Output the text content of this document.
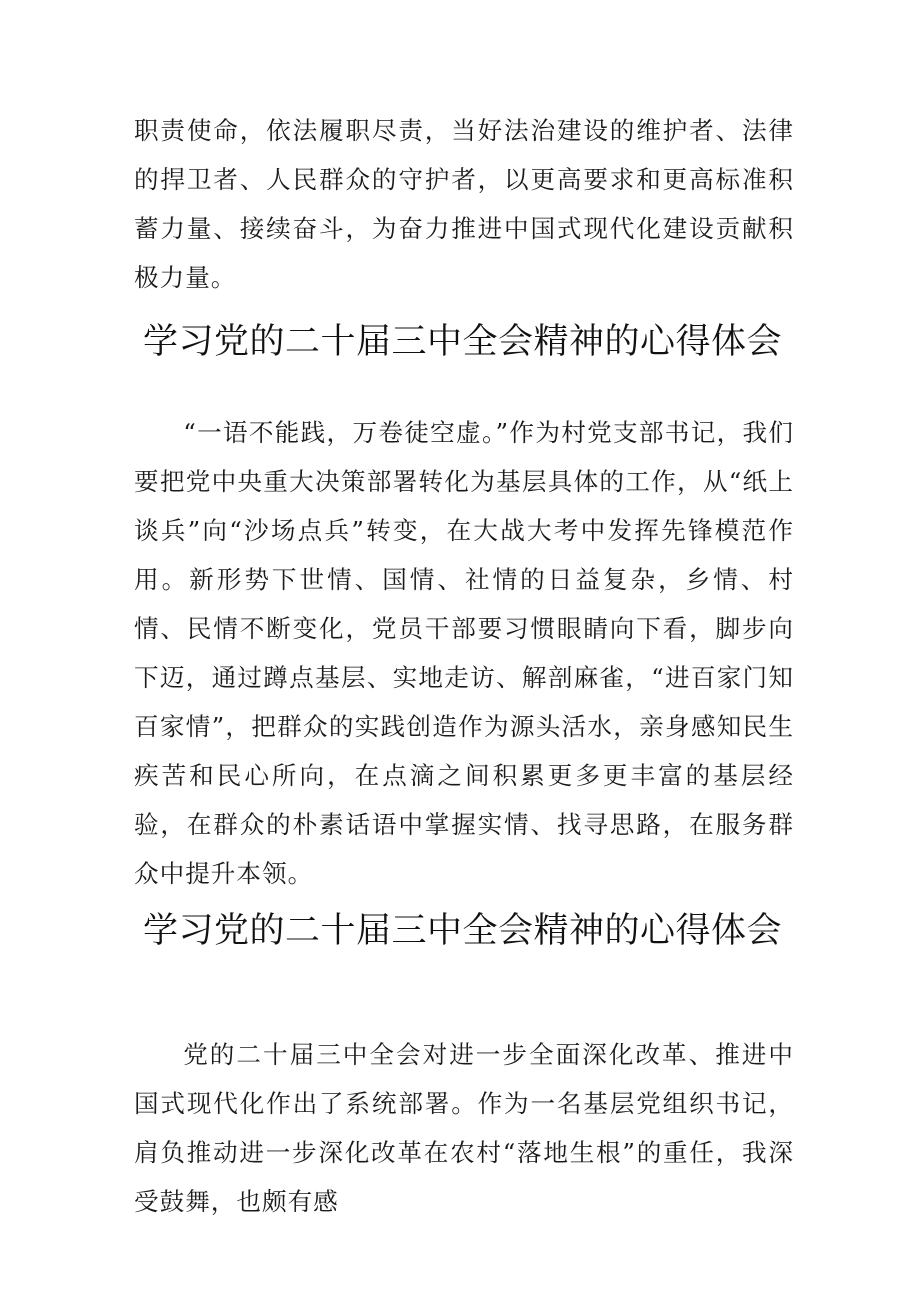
职责使命，依法履职尽责，当好法治建设的维护者、法律的捍卫者、人民群众的守护者，以更高要求和更高标准积蓄力量、接续奋斗，为奋力推进中国式现代化建设贡献积极力量。

学习党的二十届三中全会精神的心得体会

“一语不能践，万卷徒空虚。”作为村党支部书记，我们要把党中央重大决策部署转化为基层具体的工作，从“纸上谈兵”向“沙场点兵”转变，在大战大考中发挥先锋模范作用。新形势下世情、国情、社情的日益复杂，乡情、村情、民情不断变化，党员干部要习惯眼睛向下看，脚步向下迈，通过蹲点基层、实地走访、解剖麻雀，“进百家门知百家情”，把群众的实践创造作为源头活水，亲身感知民生疾苦和民心所向，在点滴之间积累更多更丰富的基层经验，在群众的朴素话语中掌握实情、找寻思路，在服务群众中提升本领。

学习党的二十届三中全会精神的心得体会

党的二十届三中全会对进一步全面深化改革、推进中国式现代化作出了系统部署。作为一名基层党组织书记，肩负推动进一步深化改革在农村“落地生根”的重任，我深受鼓舞，也颇有感
